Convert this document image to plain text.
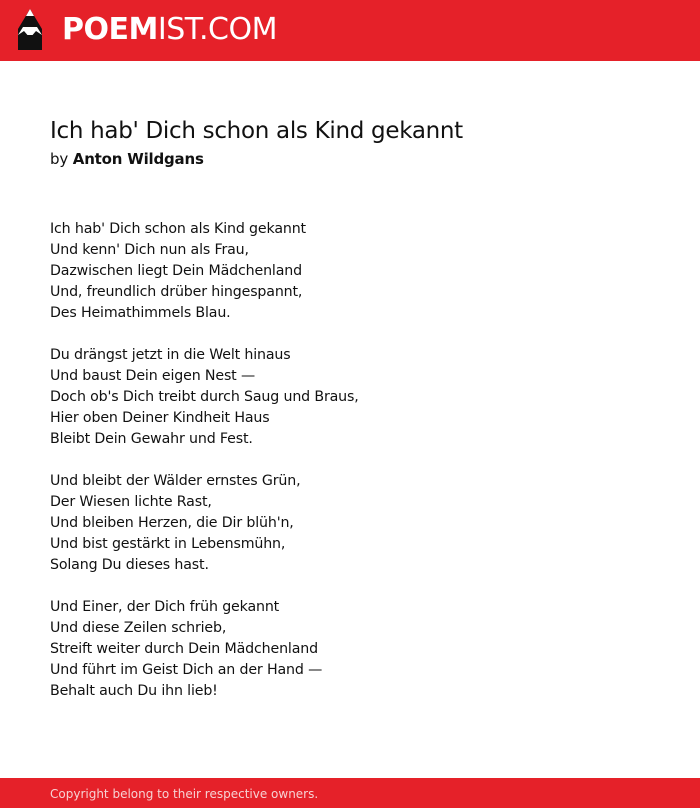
POEMIST.COM
Ich hab' Dich schon als Kind gekannt
by Anton Wildgans
Ich hab' Dich schon als Kind gekannt
Und kenn' Dich nun als Frau,
Dazwischen liegt Dein Mädchenland
Und, freundlich drüber hingespannt,
Des Heimathimmels Blau.
Du drängst jetzt in die Welt hinaus
Und baust Dein eigen Nest —
Doch ob's Dich treibt durch Saug und Braus,
Hier oben Deiner Kindheit Haus
Bleibt Dein Gewahr und Fest.
Und bleibt der Wälder ernstes Grün,
Der Wiesen lichte Rast,
Und bleiben Herzen, die Dir blüh'n,
Und bist gestärkt in Lebensmühn,
Solang Du dieses hast.
Und Einer, der Dich früh gekannt
Und diese Zeilen schrieb,
Streift weiter durch Dein Mädchenland
Und führt im Geist Dich an der Hand —
Behalt auch Du ihn lieb!
Copyright belong to their respective owners.
